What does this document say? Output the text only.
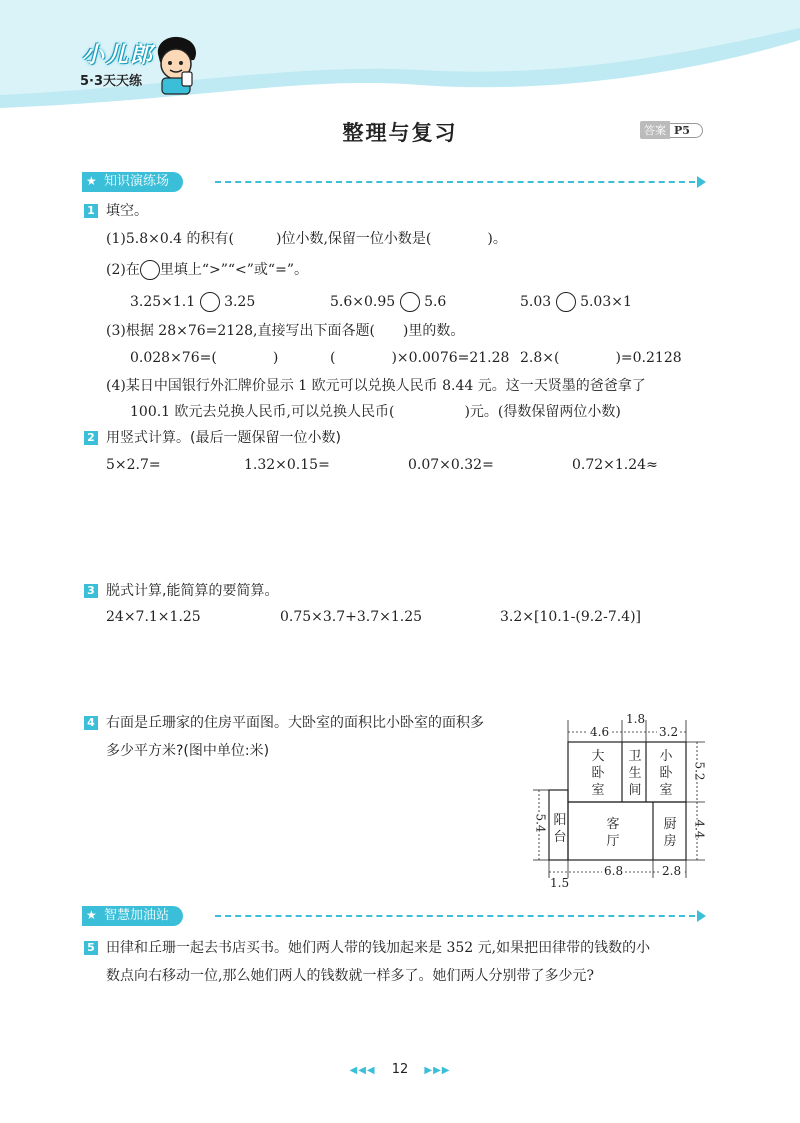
小儿郎
5·3天天练
整理与复习	答案 P5
★ 知识演练场
1 填空。
(1)5.8×0.4 的积有(　　　)位小数,保留一位小数是(　　　　)。
(2)在 里填上“>”“<”或“=”。
3.25×1.1 3.25	5.6×0.95 5.6	5.03 5.03×1
(3)根据 28×76=2128,直接写出下面各题(　　)里的数。
0.028×76=(　　　　)	(　　　　)×0.0076=21.28 2.8×(　　　　)=0.2128
(4)某日中国银行外汇牌价显示 1 欧元可以兑换人民币 8.44 元。这一天贤墨的爸爸拿了
100.1 欧元去兑换人民币,可以兑换人民币(　　　　　)元。(得数保留两位小数)
2 用竖式计算。(最后一题保留一位小数)
5×2.7=	1.32×0.15=	0.07×0.32=	0.72×1.24≈
3 脱式计算,能简算的要简算。
24×7.1×1.25	0.75×3.7+3.7×1.25	3.2×[10.1-(9.2-7.4)]
4 右面是丘珊家的住房平面图。大卧室的面积比小卧室的面积多
多少平方米?(图中单位:米)	大
卧
室
卫
生
间
小
卧
室
阳
台
客
厅
厨
房
4.6
1.8
3.2
5.2
4.4
5.4
1.5
6.8	2.8
★ 智慧加油站
5 田律和丘珊一起去书店买书。她们两人带的钱加起来是 352 元,如果把田律带的钱数的小
数点向右移动一位,那么她们两人的钱数就一样多了。她们两人分别带了多少元?
◀◀◀ 12 ▶▶▶
